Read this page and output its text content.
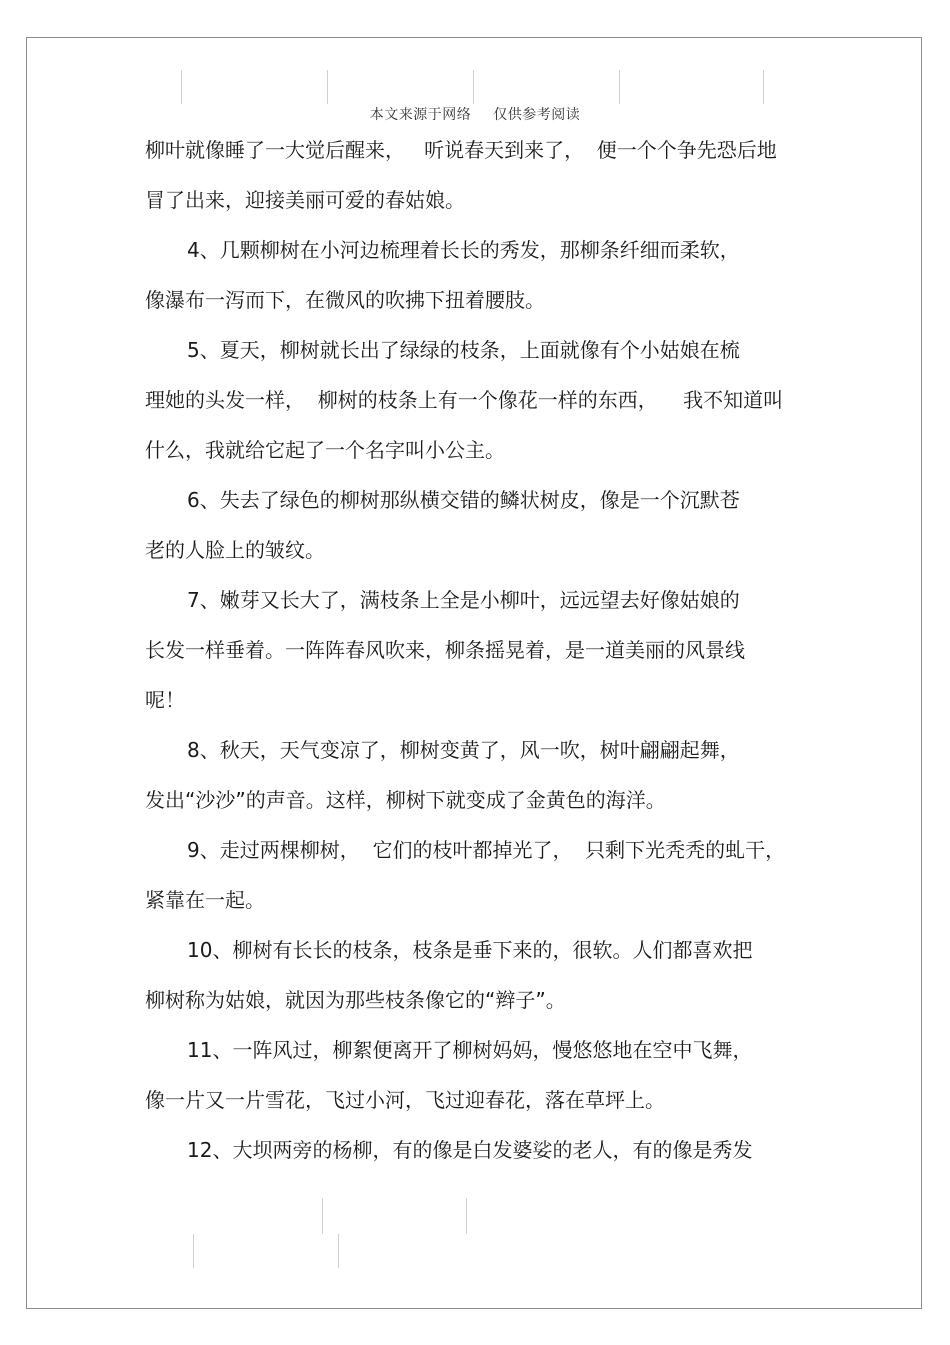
本文来源于网络 仅供参考阅读
柳叶就像睡了一大觉后醒来，   听说春天到来了，  便一个个争先恐后地
冒了出来，迎接美丽可爱的春姑娘。
4、几颗柳树在小河边梳理着长长的秀发，那柳条纤细而柔软，
像瀑布一泻而下，在微风的吹拂下扭着腰肢。
5、夏天，柳树就长出了绿绿的枝条，上面就像有个小姑娘在梳
理她的头发一样，  柳树的枝条上有一个像花一样的东西，    我不知道叫
什么，我就给它起了一个名字叫小公主。
6、失去了绿色的柳树那纵横交错的鳞状树皮，像是一个沉默苍
老的人脸上的皱纹。
7、嫩芽又长大了，满枝条上全是小柳叶，远远望去好像姑娘的
长发一样垂着。一阵阵春风吹来，柳条摇晃着，是一道美丽的风景线
呢！
8、秋天，天气变凉了，柳树变黄了，风一吹，树叶翩翩起舞，
发出“沙沙”的声音。这样，柳树下就变成了金黄色的海洋。
9、走过两棵柳树，  它们的枝叶都掉光了，  只剩下光秃秃的虬干，
紧靠在一起。
10、柳树有长长的枝条，枝条是垂下来的，很软。人们都喜欢把
柳树称为姑娘，就因为那些枝条像它的“辫子”。
11、一阵风过，柳絮便离开了柳树妈妈，慢悠悠地在空中飞舞，
像一片又一片雪花，飞过小河，飞过迎春花，落在草坪上。
12、大坝两旁的杨柳，有的像是白发婆娑的老人，有的像是秀发
